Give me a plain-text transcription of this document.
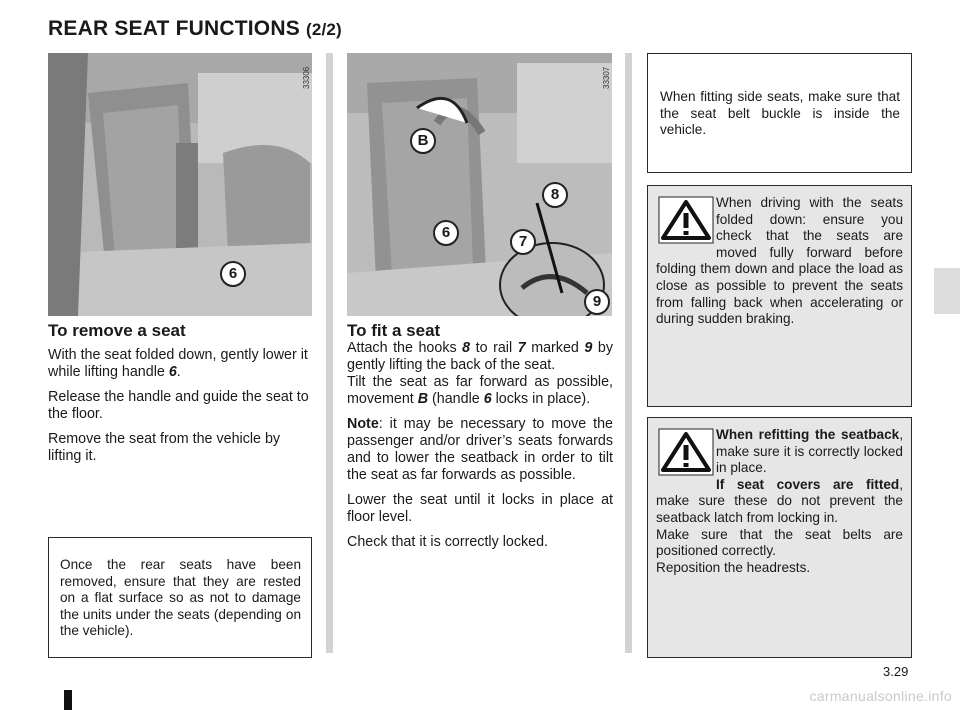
REAR SEAT FUNCTIONS (2/2)
6
33306
B
8
6
7
9
33307
To remove a seat

With the seat folded down, gently lower it while lifting handle 6.

Release the handle and guide the seat to the floor.

Remove the seat from the vehicle by lifting it.

Once the rear seats have been removed, ensure that they are rested on a flat surface so as not to damage the units under the seats (depending on the vehicle).
To fit a seat

Attach the hooks 8 to rail 7 marked 9 by gently lifting the back of the seat.

Tilt the seat as far forward as possible, movement B (handle 6 locks in place).

Note: it may be necessary to move the passenger and/or driver’s seats forwards and to lower the seatback in order to tilt the seat as far forwards as possible.

Lower the seat until it locks in place at floor level.

Check that it is correctly locked.

When fitting side seats, make sure that the seat belt buckle is inside the vehicle.
When driving with the seats folded down: ensure you check that the seats are moved fully forward before folding them down and place the load as close as possible to prevent the seats from falling back when accelerating or during sudden braking.
When refitting the seatback, make sure it is correctly locked in place.
If seat covers are fitted, make sure these do not prevent the seatback latch from locking in.
Make sure that the seat belts are positioned correctly.
Reposition the headrests.
3.29
carmanualsonline.info
